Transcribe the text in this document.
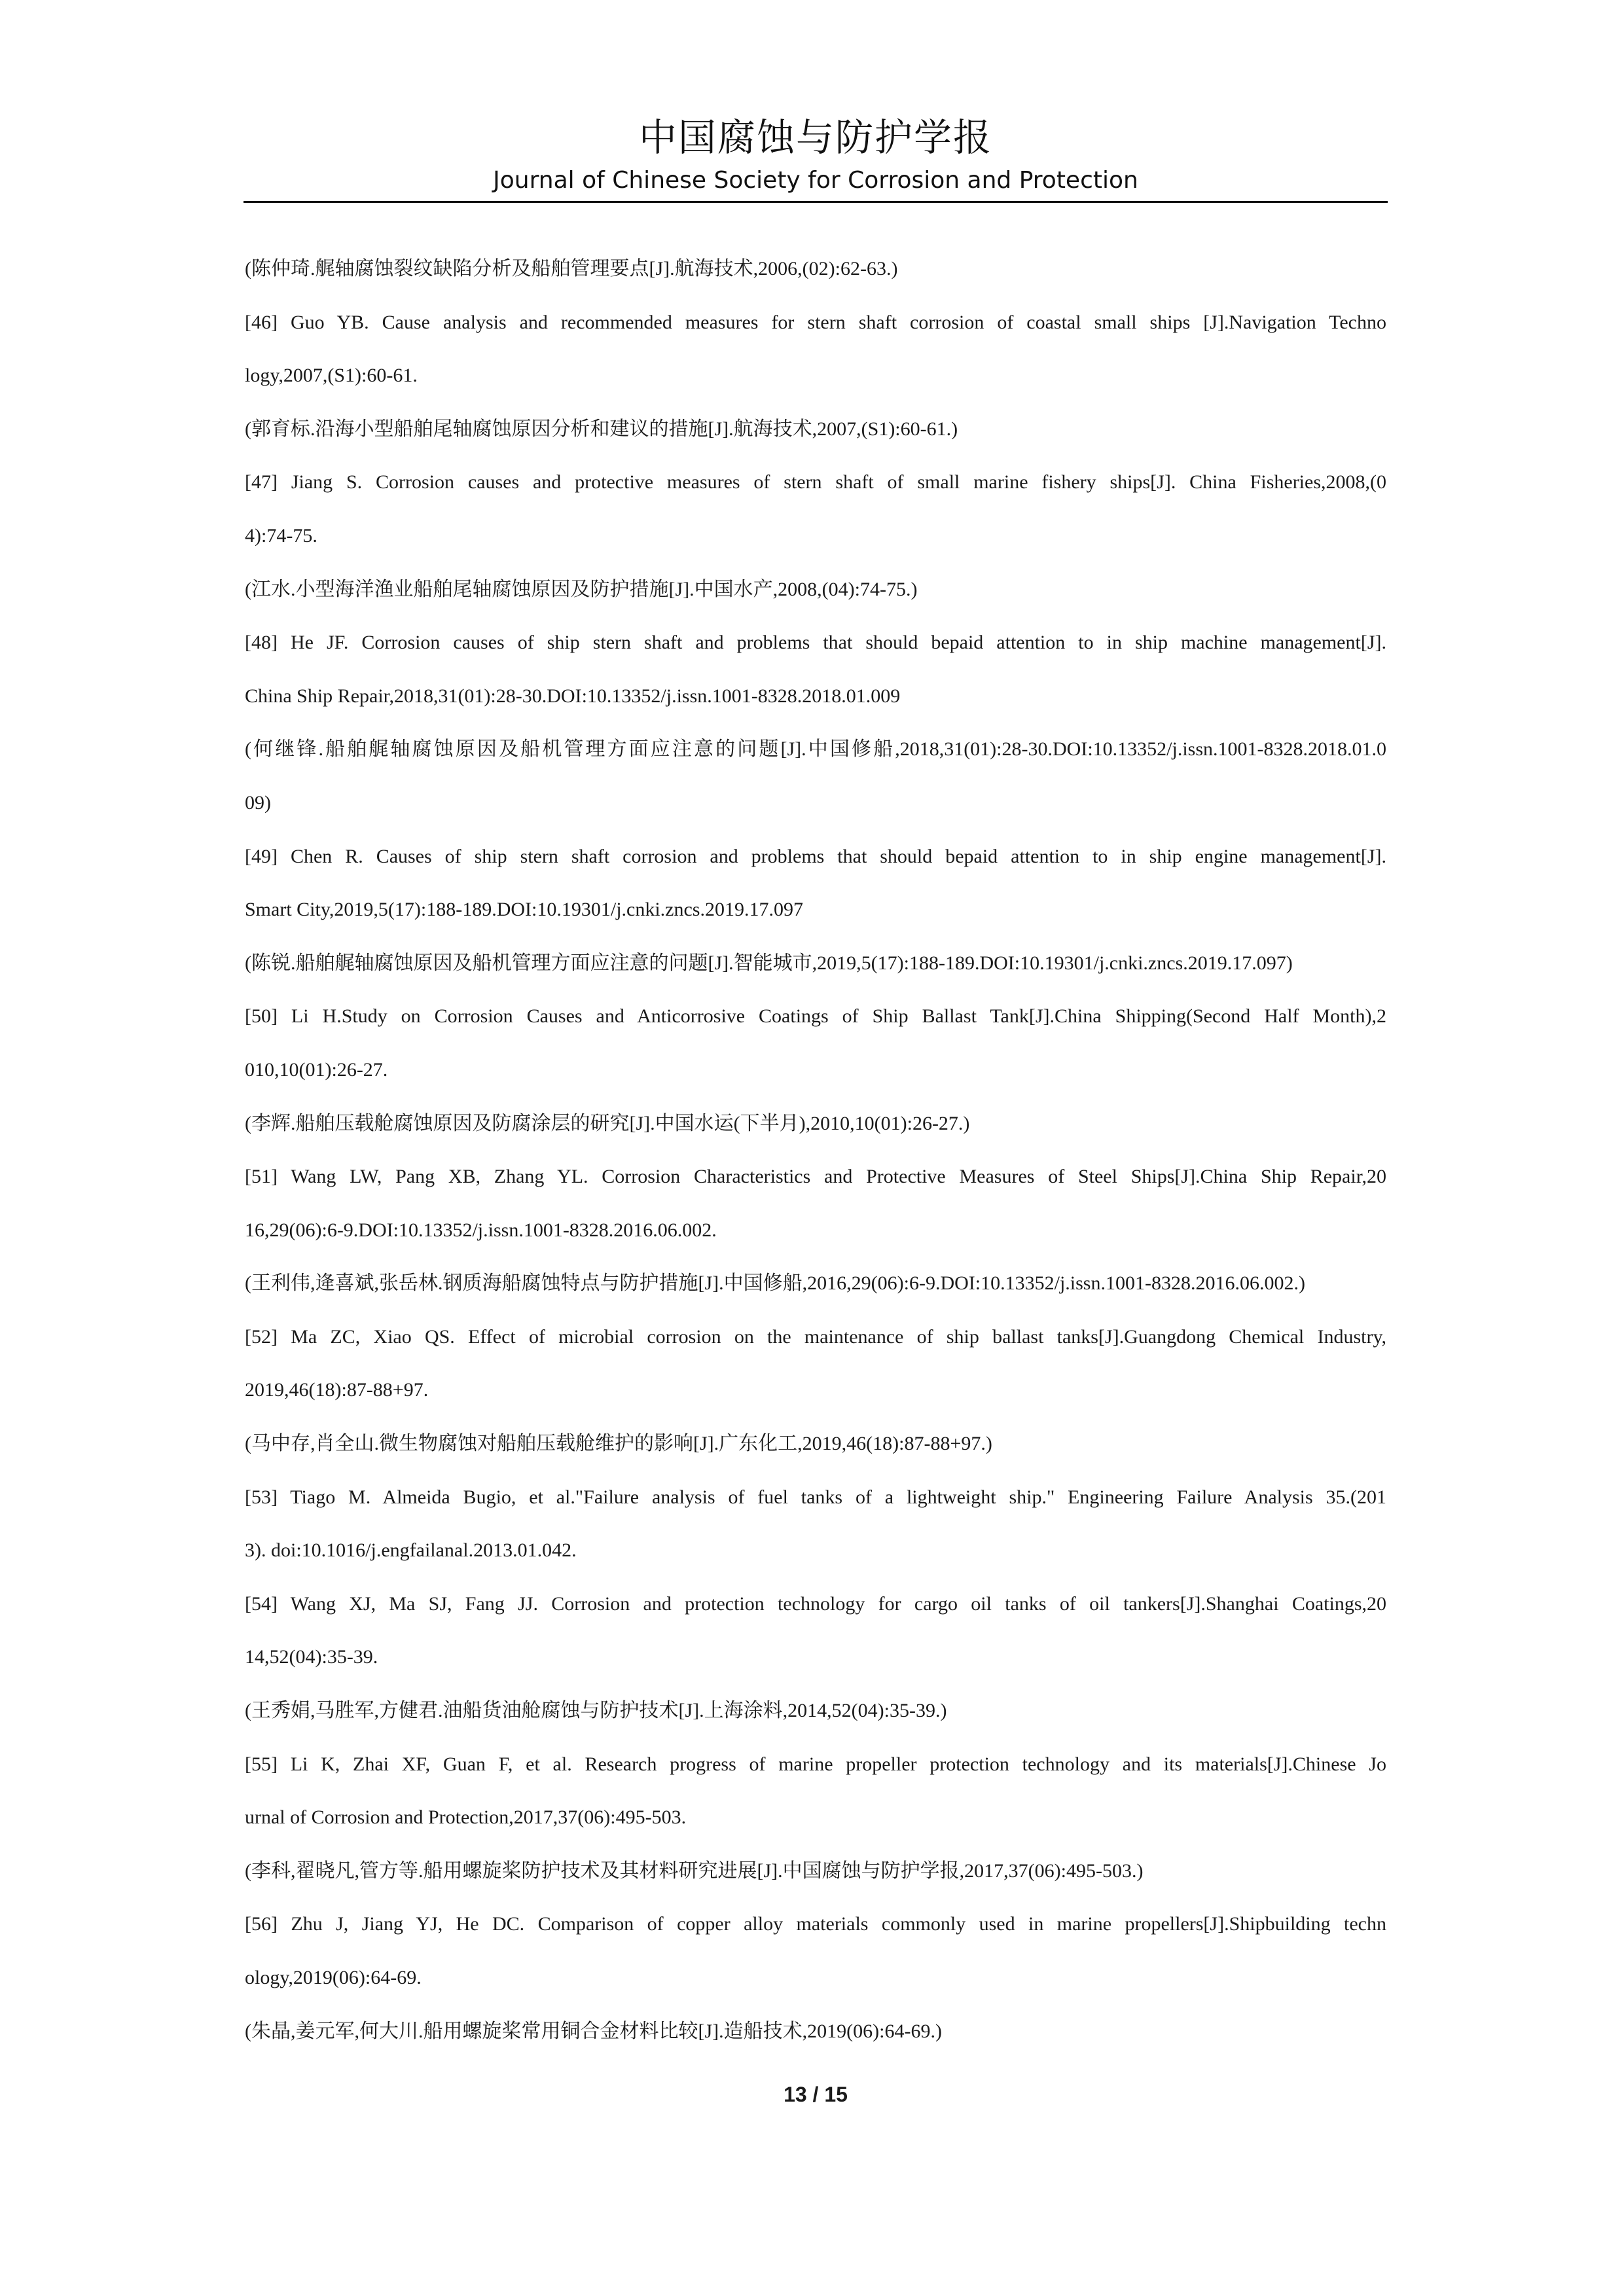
中国腐蚀与防护学报
Journal of Chinese Society for Corrosion and Protection
(陈仲琦.艉轴腐蚀裂纹缺陷分析及船舶管理要点[J].航海技术,2006,(02):62-63.)
[46] Guo YB. Cause analysis and recommended measures for stern shaft corrosion of coastal small ships [J].Navigation Techno
logy,2007,(S1):60-61.
(郭育标.沿海小型船舶尾轴腐蚀原因分析和建议的措施[J].航海技术,2007,(S1):60-61.)
[47] Jiang S. Corrosion causes and protective measures of stern shaft of small marine fishery ships[J]. China Fisheries,2008,(0
4):74-75.
(江水.小型海洋渔业船舶尾轴腐蚀原因及防护措施[J].中国水产,2008,(04):74-75.)
[48] He JF. Corrosion causes of ship stern shaft and problems that should bepaid attention to in ship machine management[J].
China Ship Repair,2018,31(01):28-30.DOI:10.13352/j.issn.1001-8328.2018.01.009
(何继锋.船舶艉轴腐蚀原因及船机管理方面应注意的问题[J].中国修船,2018,31(01):28-30.DOI:10.13352/j.issn.1001-8328.2018.01.0
09)
[49] Chen R. Causes of ship stern shaft corrosion and problems that should bepaid attention to in ship engine management[J].
Smart City,2019,5(17):188-189.DOI:10.19301/j.cnki.zncs.2019.17.097
(陈锐.船舶艉轴腐蚀原因及船机管理方面应注意的问题[J].智能城市,2019,5(17):188-189.DOI:10.19301/j.cnki.zncs.2019.17.097)
[50] Li H.Study on Corrosion Causes and Anticorrosive Coatings of Ship Ballast Tank[J].China Shipping(Second Half Month),2
010,10(01):26-27.
(李辉.船舶压载舱腐蚀原因及防腐涂层的研究[J].中国水运(下半月),2010,10(01):26-27.)
[51] Wang LW, Pang XB, Zhang YL. Corrosion Characteristics and Protective Measures of Steel Ships[J].China Ship Repair,20
16,29(06):6-9.DOI:10.13352/j.issn.1001-8328.2016.06.002.
(王利伟,逄喜斌,张岳林.钢质海船腐蚀特点与防护措施[J].中国修船,2016,29(06):6-9.DOI:10.13352/j.issn.1001-8328.2016.06.002.)
[52] Ma ZC, Xiao QS. Effect of microbial corrosion on the maintenance of ship ballast tanks[J].Guangdong Chemical Industry,
2019,46(18):87-88+97.
(马中存,肖全山.微生物腐蚀对船舶压载舱维护的影响[J].广东化工,2019,46(18):87-88+97.)
[53] Tiago M. Almeida Bugio, et al."Failure analysis of fuel tanks of a lightweight ship." Engineering Failure Analysis 35.(201
3). doi:10.1016/j.engfailanal.2013.01.042.
[54] Wang XJ, Ma SJ, Fang JJ. Corrosion and protection technology for cargo oil tanks of oil tankers[J].Shanghai Coatings,20
14,52(04):35-39.
(王秀娟,马胜军,方健君.油船货油舱腐蚀与防护技术[J].上海涂料,2014,52(04):35-39.)
[55] Li K, Zhai XF, Guan F, et al. Research progress of marine propeller protection technology and its materials[J].Chinese Jo
urnal of Corrosion and Protection,2017,37(06):495-503.
(李科,翟晓凡,管方等.船用螺旋桨防护技术及其材料研究进展[J].中国腐蚀与防护学报,2017,37(06):495-503.)
[56] Zhu J, Jiang YJ, He DC. Comparison of copper alloy materials commonly used in marine propellers[J].Shipbuilding techn
ology,2019(06):64-69.
(朱晶,姜元军,何大川.船用螺旋桨常用铜合金材料比较[J].造船技术,2019(06):64-69.)
13 / 15
